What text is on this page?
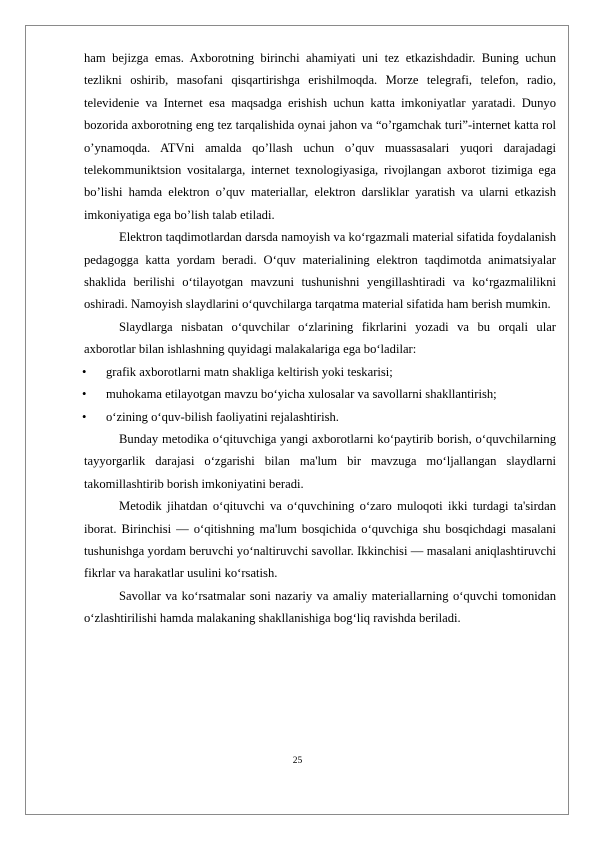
ham bejizga emas. Axborotning birinchi ahamiyati uni tez etkazishdadir. Buning uchun tezlikni oshirib, masofani qisqartirishga erishilmoqda. Morze telegrafi, telefon, radio, televidenie va Internet esa maqsadga erishish uchun katta imkoniyatlar yaratadi. Dunyo bozorida axborotning eng tez tarqalishida oynai jahon va “o’rgamchak turi”-internet katta rol o’ynamoqda. ATVni amalda qo’llash uchun o’quv muassasalari yuqori darajadagi telekommuniktsion vositalarga, internet texnologiyasiga, rivojlangan axborot tizimiga ega bo’lishi hamda elektron o’quv materiallar, elektron darsliklar yaratish va ularni etkazish imkoniyatiga ega bo’lish talab etiladi.

Elektron taqdimotlardan darsda namoyish va ko‘rgazmali material sifatida foydalanish pedagogga katta yordam beradi. O‘quv materialining elektron taqdimotda animatsiyalar shaklida berilishi o‘tilayotgan mavzuni tushunishni yengillashtiradi va ko‘rgazmalilikni oshiradi. Namoyish slaydlarini o‘quvchilarga tarqatma material sifatida ham berish mumkin.

Slaydlarga nisbatan o‘quvchilar o‘zlarining fikrlarini yozadi va bu orqali ular axborotlar bilan ishlashning quyidagi malakalariga ega bo‘ladilar:

•	grafik axborotlarni matn shakliga keltirish yoki teskarisi;
•	muhokama etilayotgan mavzu bo‘yicha xulosalar va savollarni shakllantirish;
•	o‘zining o‘quv-bilish faoliyatini rejalashtirish.

Bunday metodika o‘qituvchiga yangi axborotlarni ko‘paytirib borish, o‘quvchilarning tayyorgarlik darajasi o‘zgarishi bilan ma'lum bir mavzuga mo‘ljallangan slaydlarni takomillashtirib borish imkoniyatini beradi.

Metodik jihatdan o‘qituvchi va o‘quvchining o‘zaro muloqoti ikki turdagi ta'sirdan iborat. Birinchisi — o‘qitishning ma'lum bosqichida o‘quvchiga shu bosqichdagi masalani tushunishga yordam beruvchi yo‘naltiruvchi savollar. Ikkinchisi — masalani aniqlashtiruvchi fikrlar va harakatlar usulini ko‘rsatish.

Savollar va ko‘rsatmalar soni nazariy va amaliy materiallarning o‘quvchi tomonidan o‘zlashtirilishi hamda malakaning shakllanishiga bog‘liq ravishda beriladi.

25
